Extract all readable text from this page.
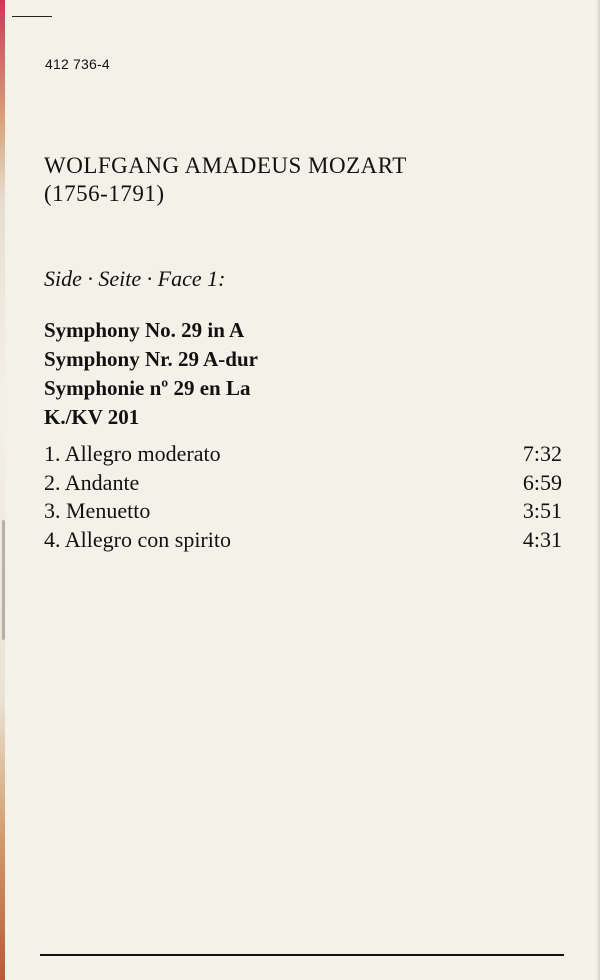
412 736-4
WOLFGANG AMADEUS MOZART
(1756-1791)
Side · Seite · Face 1:
Symphony No. 29 in A
Symphony Nr. 29 A-dur
Symphonie nº 29 en La
K./KV 201
1. Allegro moderato	7:32
2. Andante	6:59
3. Menuetto	3:51
4. Allegro con spirito	4:31
